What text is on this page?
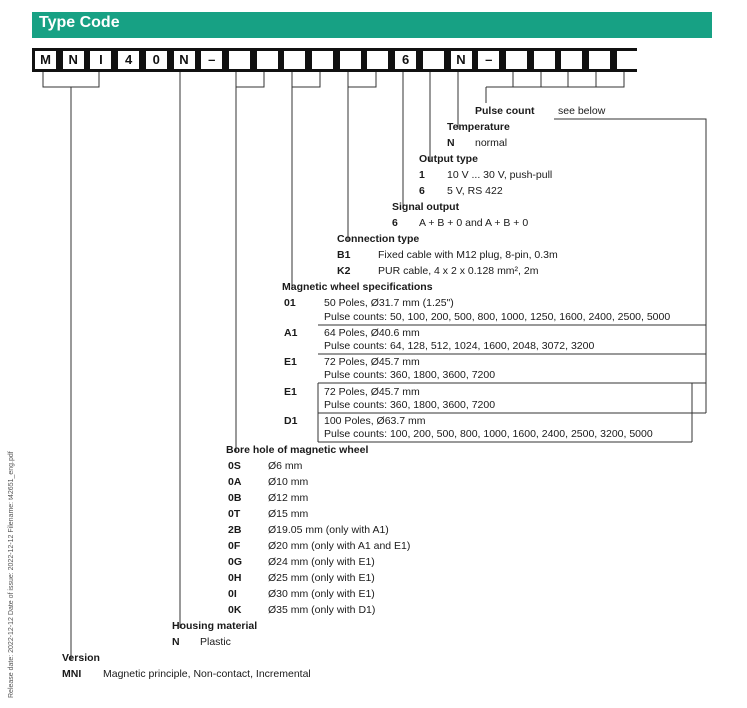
Type Code
M	N	I	4	0	N	–	6	N	–
Pulse count see below
Temperature
N normal
Output type
1 10 V ... 30 V, push-pull
6 5 V, RS 422
Signal output
6 A + B + 0 and A + B + 0
Connection type
B1	Fixed cable with M12 plug, 8-pin, 0.3m
K2	PUR cable, 4 x 2 x 0.128 mm², 2m
Magnetic wheel specifications
01	50 Poles, Ø31.7 mm (1.25")
Pulse counts: 50, 100, 200, 500, 800, 1000, 1250, 1600, 2400, 2500, 5000
A1	64 Poles, Ø40.6 mm
Pulse counts: 64, 128, 512, 1024, 1600, 2048, 3072, 3200
E1	72 Poles, Ø45.7 mm
Pulse counts: 360, 1800, 3600, 7200
E1	72 Poles, Ø45.7 mm
Pulse counts: 360, 1800, 3600, 7200
D1	100 Poles, Ø63.7 mm
Pulse counts: 100, 200, 500, 800, 1000, 1600, 2400, 2500, 3200, 5000
Bore hole of magnetic wheel
0S	Ø6 mm
0A	Ø10 mm
0B	Ø12 mm
0T	Ø15 mm
2B	Ø19.05 mm (only with A1)
0F	Ø20 mm (only with A1 and E1)
0G Ø24 mm (only with E1)
0H	Ø25 mm (only with E1)
0I	Ø30 mm (only with E1)
0K	Ø35 mm (only with D1)
Housing material
N Plastic
Version
MNI Magnetic principle, Non-contact, Incremental
Release date: 2022-12-12 Date of issue: 2022-12-12 Filename: t42651_eng.pdf
